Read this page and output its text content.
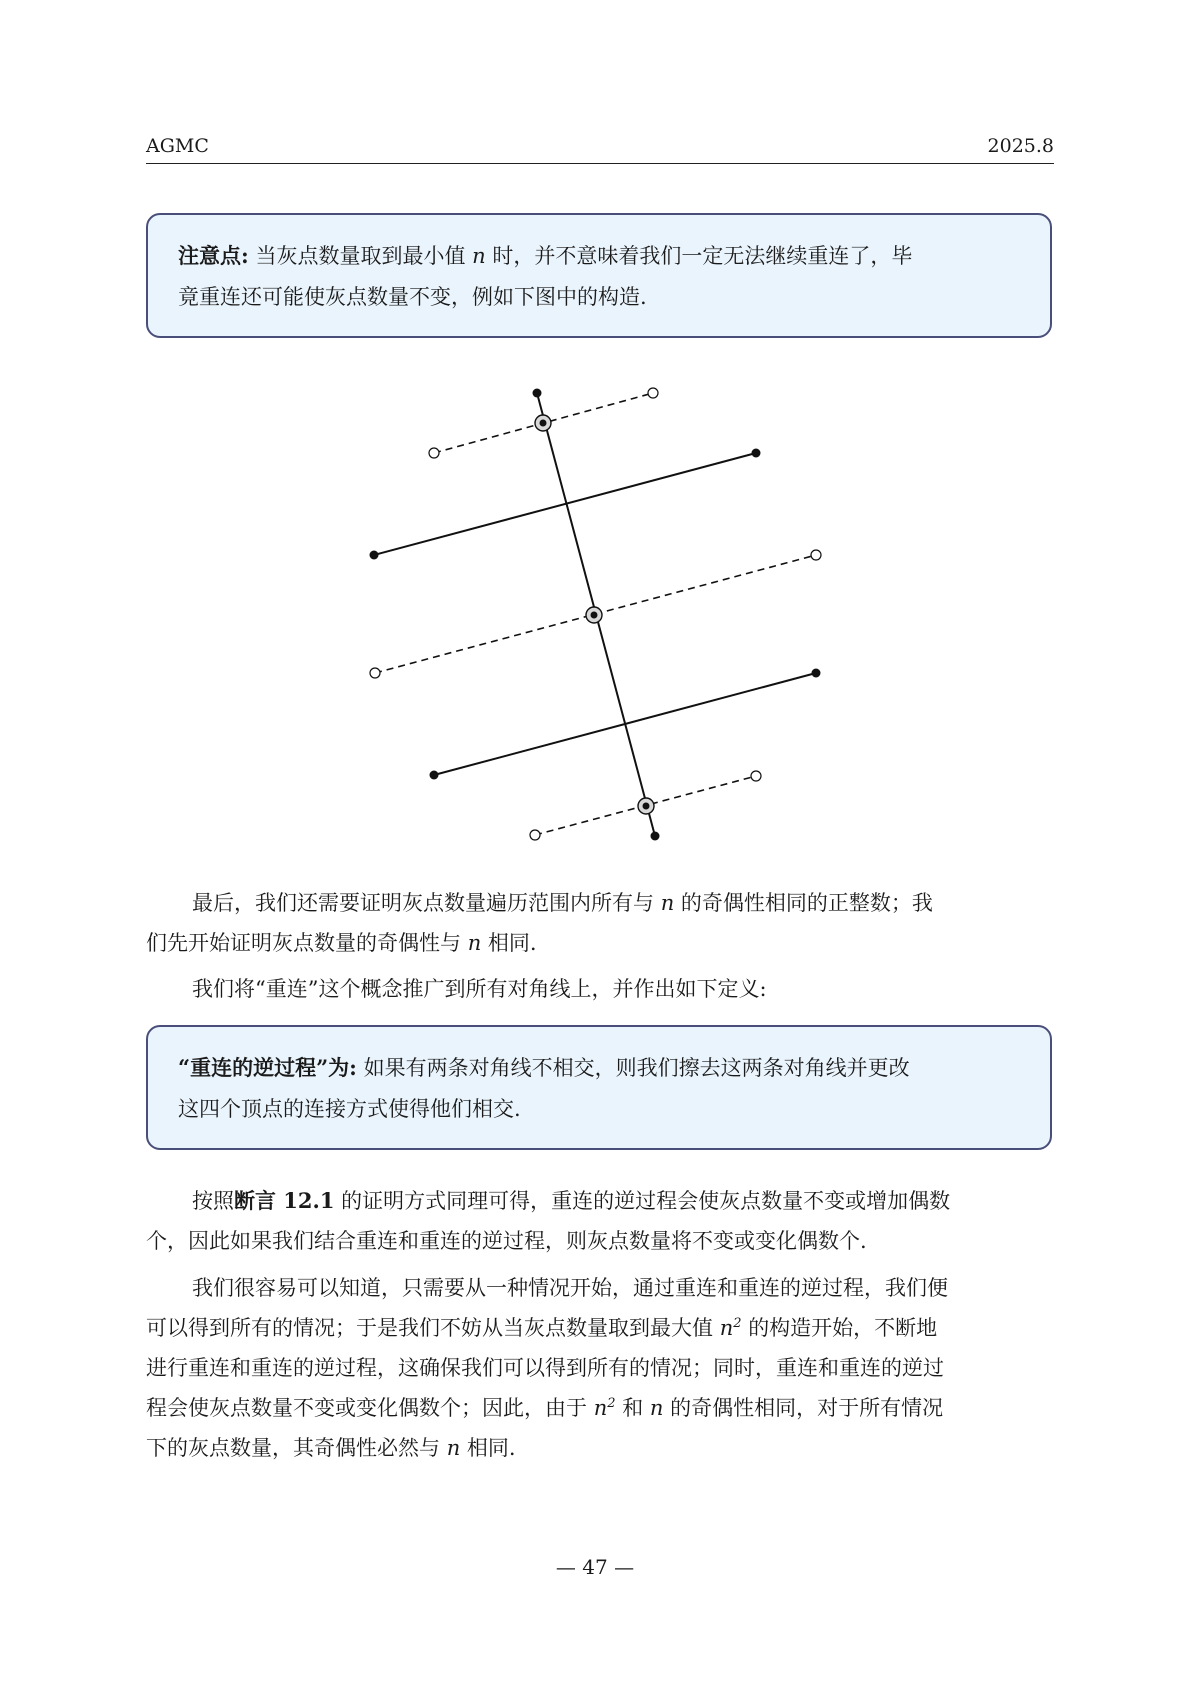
AGMC	2025.8
注意点: 当灰点数量取到最小值 n 时，并不意味着我们一定无法继续重连了，毕
竟重连还可能使灰点数量不变，例如下图中的构造.
最后，我们还需要证明灰点数量遍历范围内所有与 n 的奇偶性相同的正整数；我
们先开始证明灰点数量的奇偶性与 n 相同.
我们将“重连”这个概念推广到所有对角线上，并作出如下定义:
“重连的逆过程”为: 如果有两条对角线不相交，则我们擦去这两条对角线并更改
这四个顶点的连接方式使得他们相交.
按照断言 12.1 的证明方式同理可得，重连的逆过程会使灰点数量不变或增加偶数
个，因此如果我们结合重连和重连的逆过程，则灰点数量将不变或变化偶数个.
我们很容易可以知道，只需要从一种情况开始，通过重连和重连的逆过程，我们便
可以得到所有的情况；于是我们不妨从当灰点数量取到最大值 $n^2$ 的构造开始，不断地
进行重连和重连的逆过程，这确保我们可以得到所有的情况；同时，重连和重连的逆过
程会使灰点数量不变或变化偶数个；因此，由于 $n^2$ 和 n 的奇偶性相同，对于所有情况
下的灰点数量，其奇偶性必然与 n 相同.
— 47 —
